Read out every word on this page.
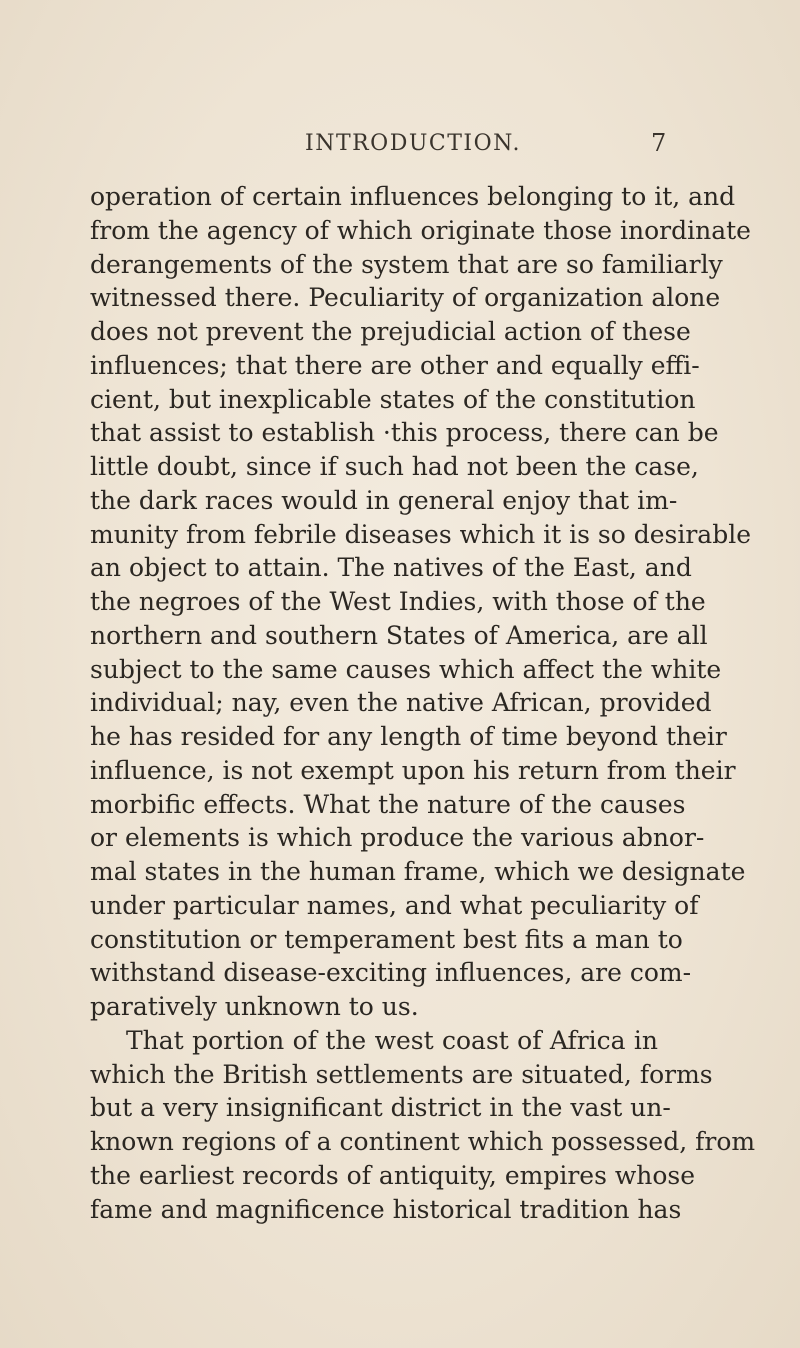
INTRODUCTION.	7
operation of certain influences belonging to it, and
from the agency of which originate those inordinate
derangements of the system that are so familiarly
witnessed there. Peculiarity of organization alone
does not prevent the prejudicial action of these
influences; that there are other and equally effi-
cient, but inexplicable states of the constitution
that assist to establish ·this process, there can be
little doubt, since if such had not been the case,
the dark races would in general enjoy that im-
munity from febrile diseases which it is so desirable
an object to attain. The natives of the East, and
the negroes of the West Indies, with those of the
northern and southern States of America, are all
subject to the same causes which affect the white
individual; nay, even the native African, provided
he has resided for any length of time beyond their
influence, is not exempt upon his return from their
morbific effects. What the nature of the causes
or elements is which produce the various abnor-
mal states in the human frame, which we designate
under particular names, and what peculiarity of
constitution or temperament best fits a man to
withstand disease-exciting influences, are com-
paratively unknown to us.
That portion of the west coast of Africa in
which the British settlements are situated, forms
but a very insignificant district in the vast un-
known regions of a continent which possessed, from
the earliest records of antiquity, empires whose
fame and magnificence historical tradition has
